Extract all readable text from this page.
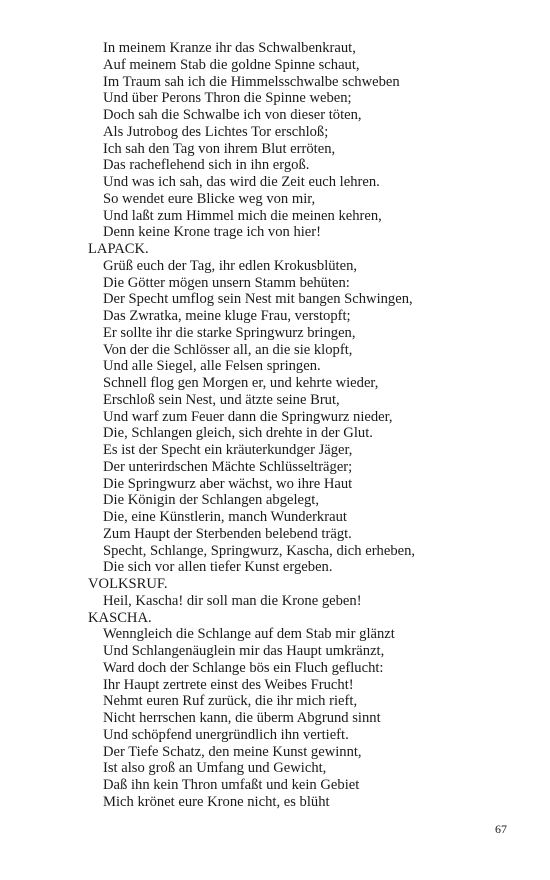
In meinem Kranze ihr das Schwalbenkraut,
Auf meinem Stab die goldne Spinne schaut,
Im Traum sah ich die Himmelsschwalbe schweben
Und über Perons Thron die Spinne weben;
Doch sah die Schwalbe ich von dieser töten,
Als Jutrobog des Lichtes Tor erschloß;
Ich sah den Tag von ihrem Blut erröten,
Das racheflehend sich in ihn ergoß.
Und was ich sah, das wird die Zeit euch lehren.
So wendet eure Blicke weg von mir,
Und laßt zum Himmel mich die meinen kehren,
Denn keine Krone trage ich von hier!
LAPACK.
Grüß euch der Tag, ihr edlen Krokusblüten,
Die Götter mögen unsern Stamm behüten:
Der Specht umflog sein Nest mit bangen Schwingen,
Das Zwratka, meine kluge Frau, verstopft;
Er sollte ihr die starke Springwurz bringen,
Von der die Schlösser all, an die sie klopft,
Und alle Siegel, alle Felsen springen.
Schnell flog gen Morgen er, und kehrte wieder,
Erschloß sein Nest, und ätzte seine Brut,
Und warf zum Feuer dann die Springwurz nieder,
Die, Schlangen gleich, sich drehte in der Glut.
Es ist der Specht ein kräuterkundger Jäger,
Der unterirdschen Mächte Schlüsselträger;
Die Springwurz aber wächst, wo ihre Haut
Die Königin der Schlangen abgelegt,
Die, eine Künstlerin, manch Wunderkraut
Zum Haupt der Sterbenden belebend trägt.
Specht, Schlange, Springwurz, Kascha, dich erheben,
Die sich vor allen tiefer Kunst ergeben.
VOLKSRUF.
Heil, Kascha! dir soll man die Krone geben!
KASCHA.
Wenngleich die Schlange auf dem Stab mir glänzt
Und Schlangenäuglein mir das Haupt umkränzt,
Ward doch der Schlange bös ein Fluch geflucht:
Ihr Haupt zertrete einst des Weibes Frucht!
Nehmt euren Ruf zurück, die ihr mich rieft,
Nicht herrschen kann, die überm Abgrund sinnt
Und schöpfend unergründlich ihn vertieft.
Der Tiefe Schatz, den meine Kunst gewinnt,
Ist also groß an Umfang und Gewicht,
Daß ihn kein Thron umfaßt und kein Gebiet
Mich krönet eure Krone nicht, es blüht
67
